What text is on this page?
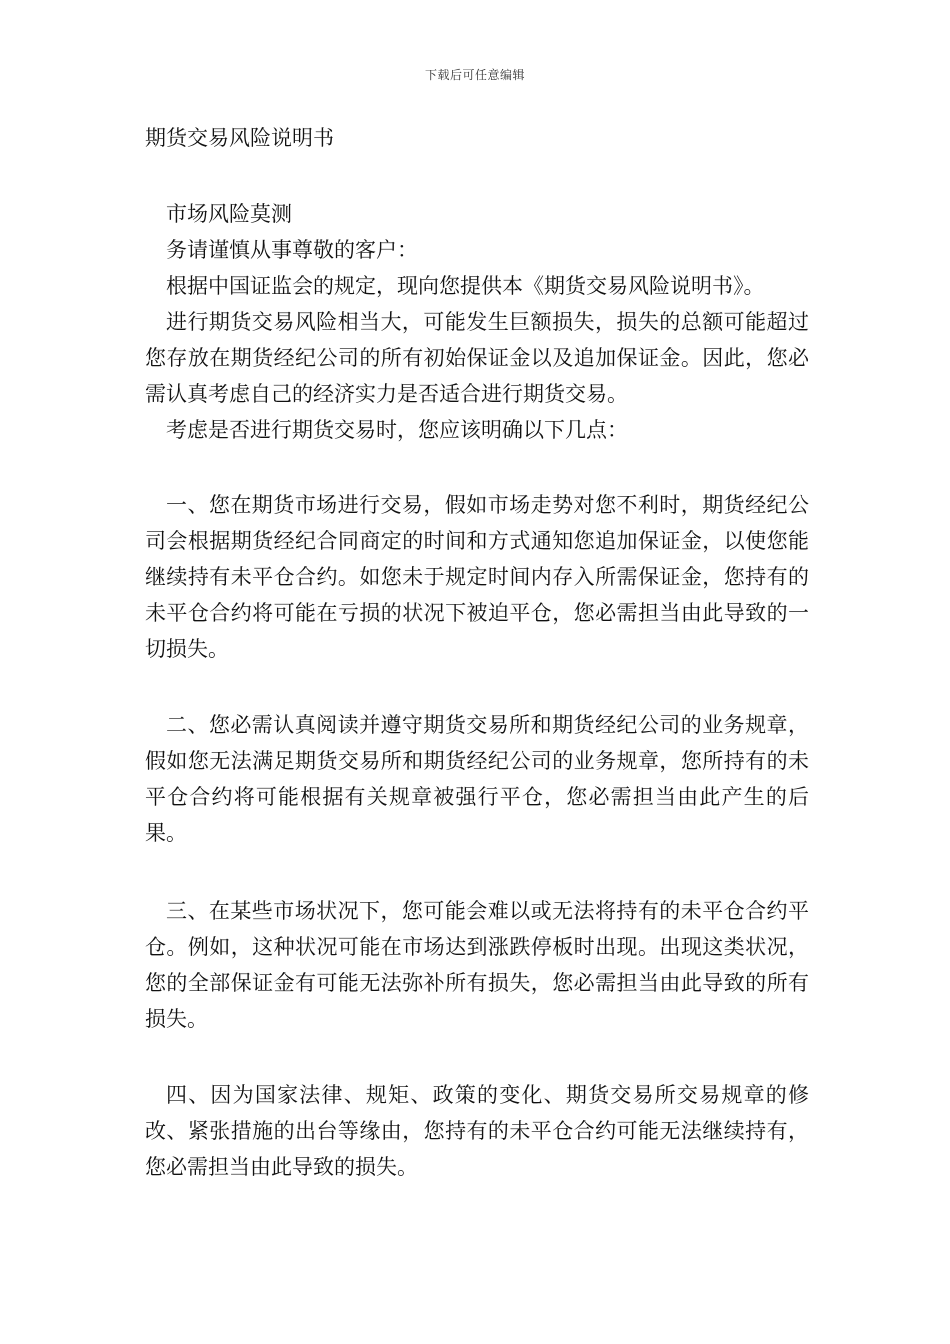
下载后可任意编辑
期货交易风险说明书

市场风险莫测

务请谨慎从事尊敬的客户：

根据中国证监会的规定，现向您提供本《期货交易风险说明书》。

进行期货交易风险相当大，可能发生巨额损失，损失的总额可能超过您存放在期货经纪公司的所有初始保证金以及追加保证金。因此，您必需认真考虑自己的经济实力是否适合进行期货交易。

考虑是否进行期货交易时，您应该明确以下几点：

一、您在期货市场进行交易，假如市场走势对您不利时，期货经纪公司会根据期货经纪合同商定的时间和方式通知您追加保证金，以使您能继续持有未平仓合约。如您未于规定时间内存入所需保证金，您持有的未平仓合约将可能在亏损的状况下被迫平仓，您必需担当由此导致的一切损失。

二、您必需认真阅读并遵守期货交易所和期货经纪公司的业务规章，假如您无法满足期货交易所和期货经纪公司的业务规章，您所持有的未平仓合约将可能根据有关规章被强行平仓，您必需担当由此产生的后果。

三、在某些市场状况下，您可能会难以或无法将持有的未平仓合约平仓。例如，这种状况可能在市场达到涨跌停板时出现。出现这类状况，您的全部保证金有可能无法弥补所有损失，您必需担当由此导致的所有损失。

四、因为国家法律、规矩、政策的变化、期货交易所交易规章的修改、紧张措施的出台等缘由，您持有的未平仓合约可能无法继续持有，您必需担当由此导致的损失。
